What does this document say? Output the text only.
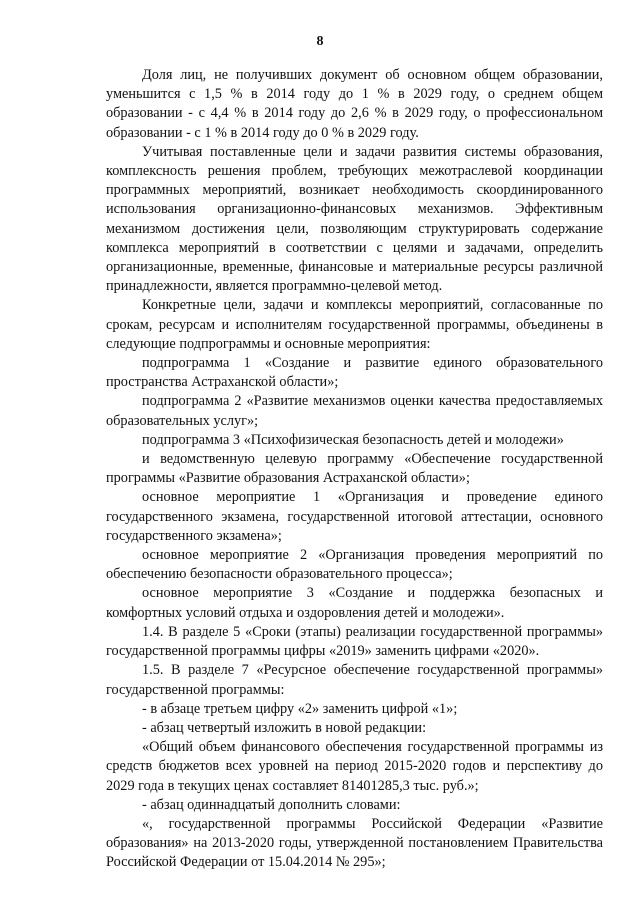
8

Доля лиц, не получивших документ об основном общем образовании, уменьшится с 1,5 % в 2014 году до 1 % в 2029 году, о среднем общем образовании - с 4,4 % в 2014 году до 2,6 % в 2029 году, о профессиональном образовании - с 1 % в 2014 году до 0 % в 2029 году.

Учитывая поставленные цели и задачи развития системы образования, комплексность решения проблем, требующих межотраслевой координации программных мероприятий, возникает необходимость скоординированного использования организационно-финансовых механизмов. Эффективным механизмом достижения цели, позволяющим структурировать содержание комплекса мероприятий в соответствии с целями и задачами, определить организационные, временные, финансовые и материальные ресурсы различной принадлежности, является программно-целевой метод.

Конкретные цели, задачи и комплексы мероприятий, согласованные по срокам, ресурсам и исполнителям государственной программы, объединены в следующие подпрограммы и основные мероприятия:

подпрограмма 1 «Создание и развитие единого образовательного пространства Астраханской области»;

подпрограмма 2 «Развитие механизмов оценки качества предоставляемых образовательных услуг»;

подпрограмма 3 «Психофизическая безопасность детей и молодежи»

и ведомственную целевую программу «Обеспечение государственной программы «Развитие образования Астраханской области»;

основное мероприятие 1 «Организация и проведение единого государственного экзамена, государственной итоговой аттестации, основного государственного экзамена»;

основное мероприятие 2 «Организация проведения мероприятий по обеспечению безопасности образовательного процесса»;

основное мероприятие 3 «Создание и поддержка безопасных и комфортных условий отдыха и оздоровления детей и молодежи».

1.4. В разделе 5 «Сроки (этапы) реализации государственной программы» государственной программы цифры «2019» заменить цифрами «2020».

1.5. В разделе 7 «Ресурсное обеспечение государственной программы» государственной программы:

- в абзаце третьем цифру «2» заменить цифрой «1»;

- абзац четвертый изложить в новой редакции:

«Общий объем финансового обеспечения государственной программы из средств бюджетов всех уровней на период 2015-2020 годов и перспективу до 2029 года в текущих ценах составляет 81401285,3 тыс. руб.»;

- абзац одиннадцатый дополнить словами:

«, государственной программы Российской Федерации «Развитие образования» на 2013-2020 годы, утвержденной постановлением Правительства Российской Федерации от 15.04.2014 № 295»;
